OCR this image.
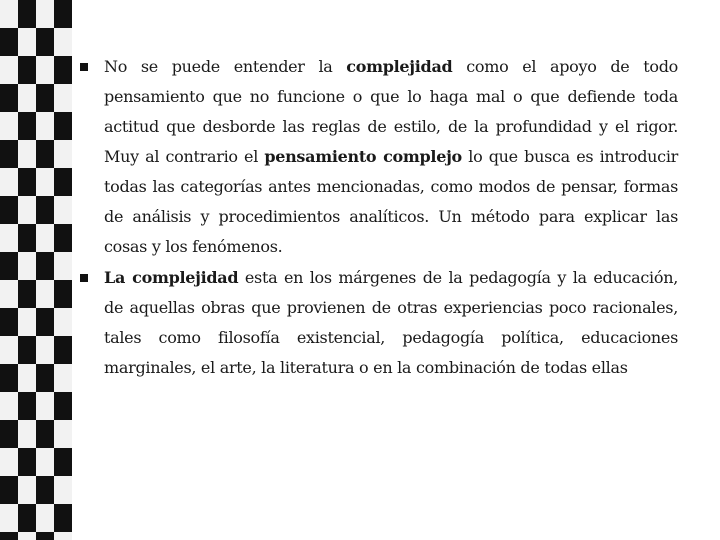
No se puede entender la complejidad como el apoyo de todo pensamiento que no funcione o que lo haga mal o que defiende toda actitud que desborde las reglas de estilo, de la profundidad y el rigor. Muy al contrario el pensamiento complejo lo que busca es introducir todas las categorías antes mencionadas, como modos de pensar, formas de análisis y procedimientos analíticos. Un método para explicar las cosas y los fenómenos.
La complejidad esta en los márgenes de la pedagogía y la educación, de aquellas obras que provienen de otras experiencias poco racionales, tales como filosofía existencial, pedagogía política, educaciones marginales, el arte, la literatura o en la combinación de todas ellas
